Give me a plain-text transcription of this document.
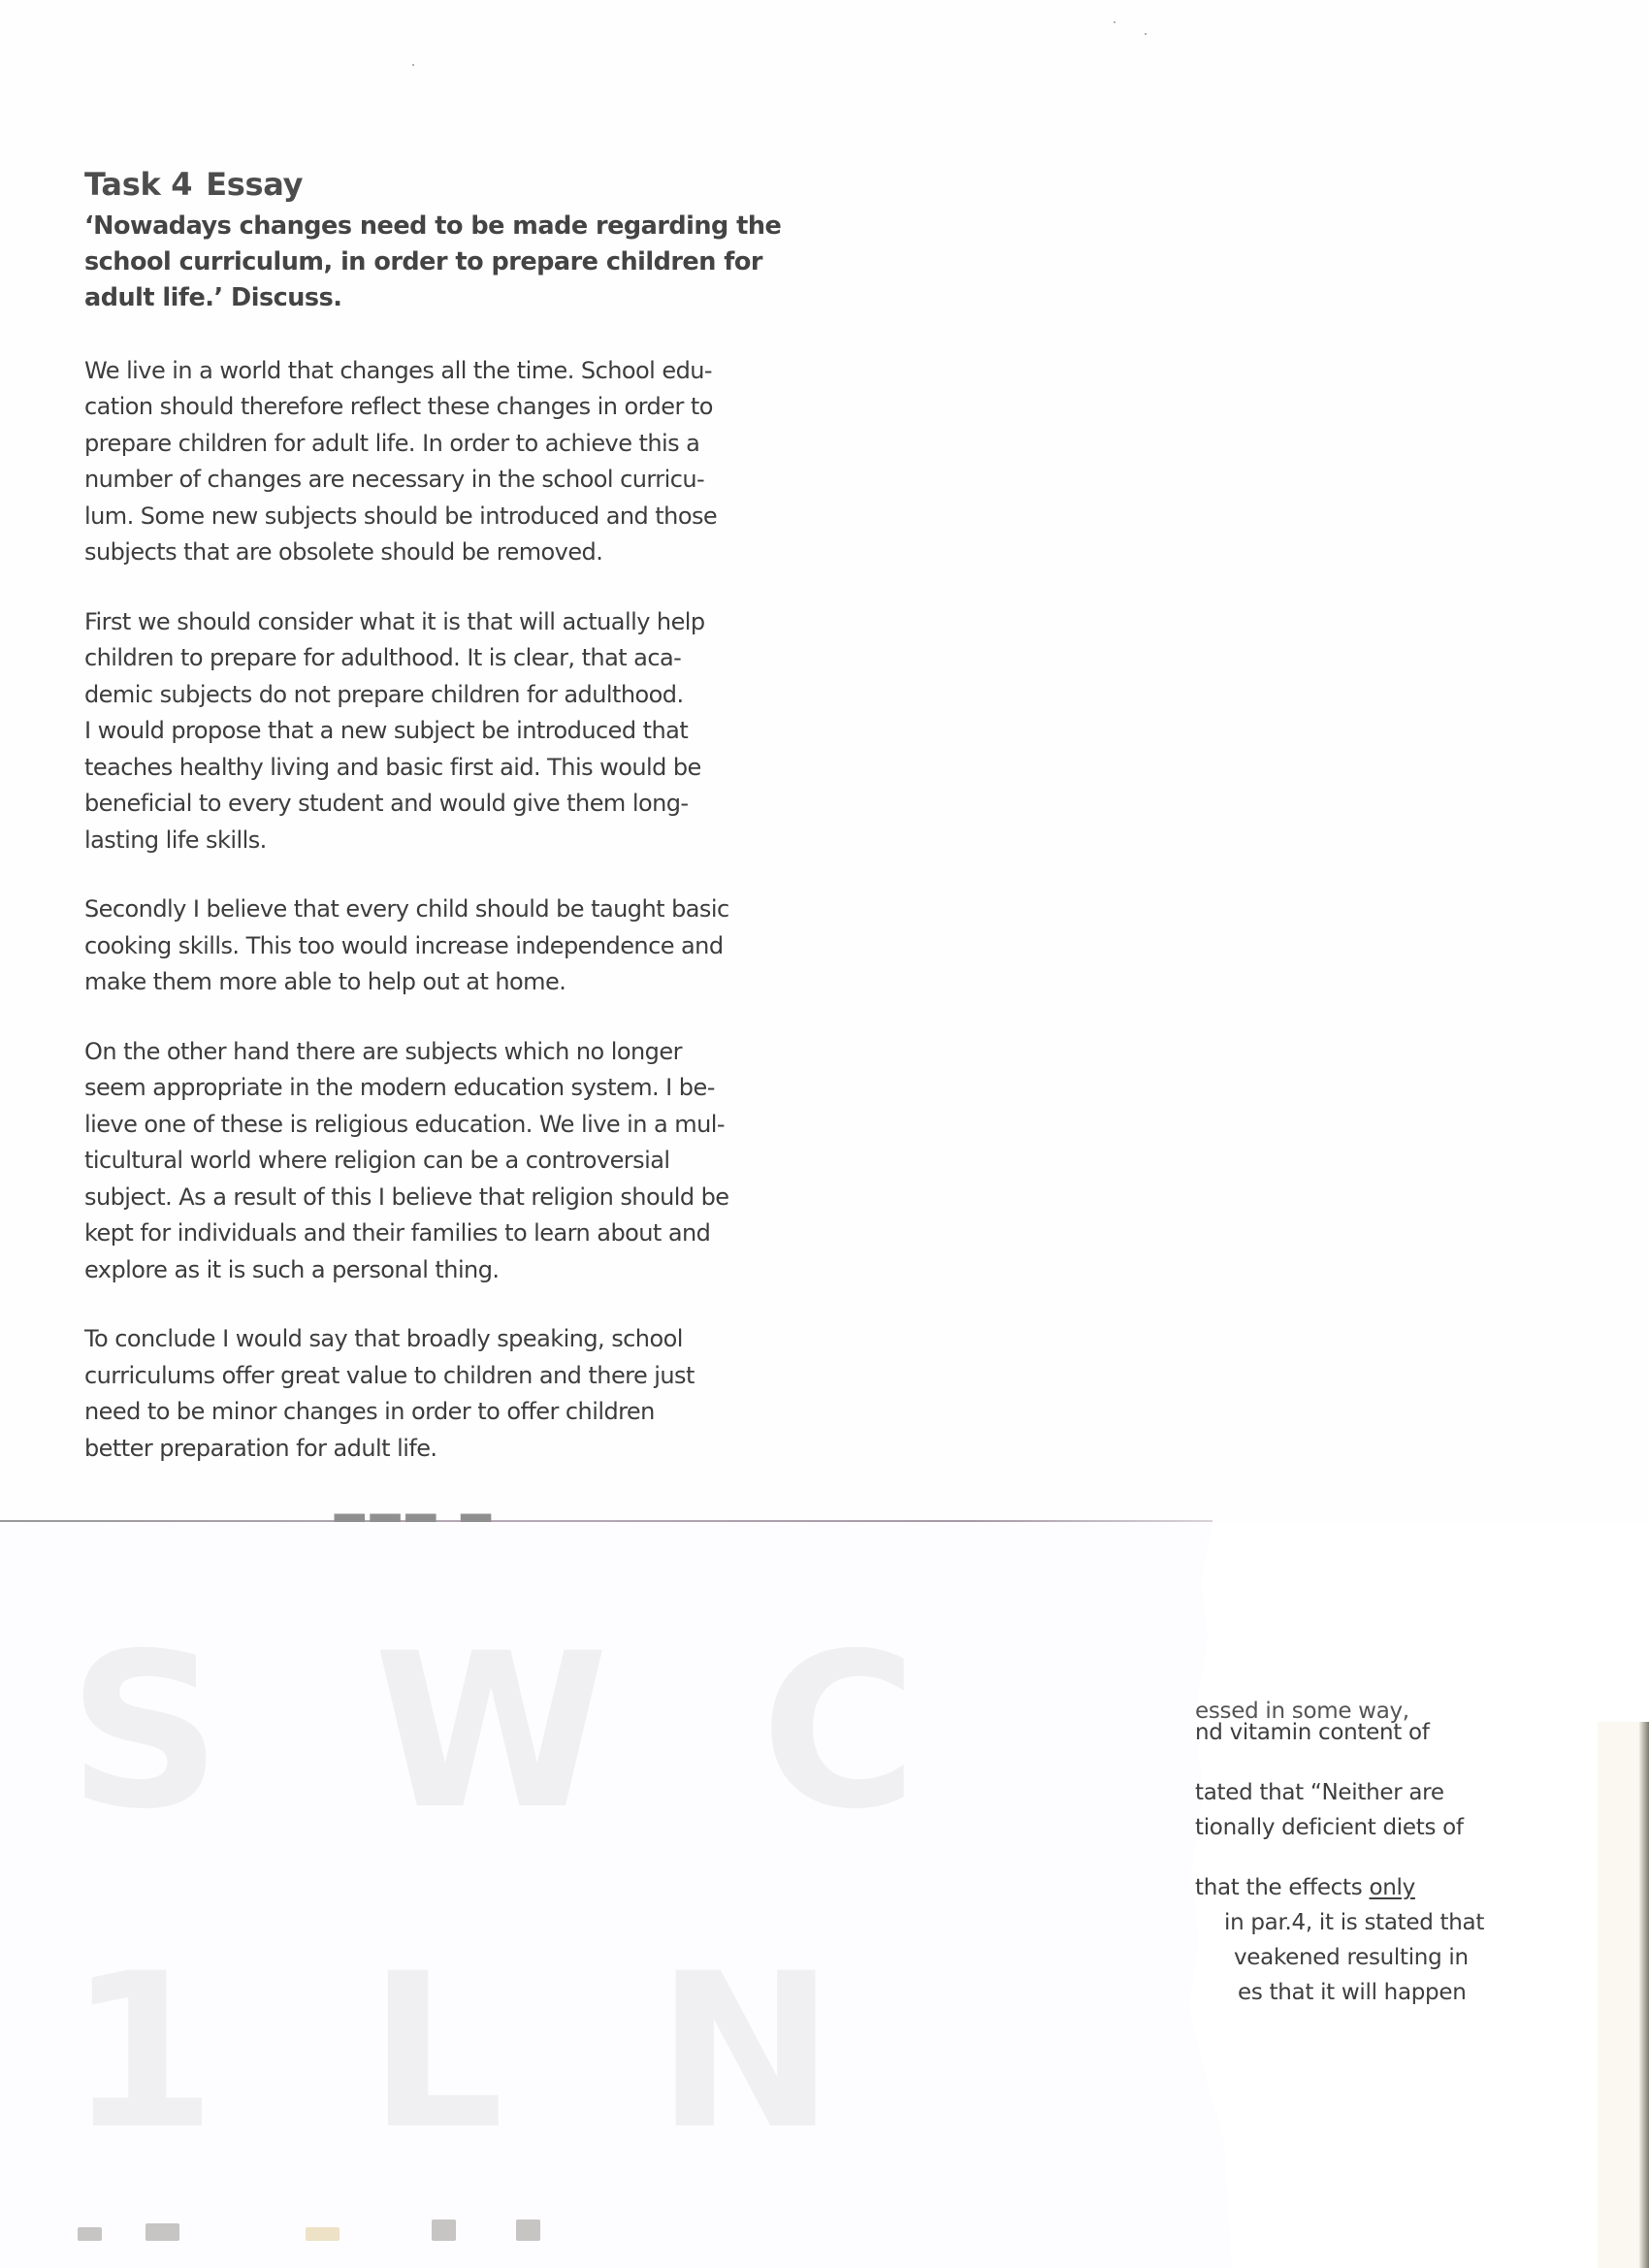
Task 4 Essay
‘Nowadays changes need to be made regarding the
school curriculum, in order to prepare children for
adult life.’ Discuss.
We live in a world that changes all the time. School edu-
cation should therefore reflect these changes in order to
prepare children for adult life. In order to achieve this a
number of changes are necessary in the school curricu-
lum. Some new subjects should be introduced and those
subjects that are obsolete should be removed.
First we should consider what it is that will actually help
children to prepare for adulthood. It is clear, that aca-
demic subjects do not prepare children for adulthood.
I would propose that a new subject be introduced that
teaches healthy living and basic first aid. This would be
beneficial to every student and would give them long-
lasting life skills.
Secondly I believe that every child should be taught basic
cooking skills. This too would increase independence and
make them more able to help out at home.
On the other hand there are subjects which no longer
seem appropriate in the modern education system. I be-
lieve one of these is religious education. We live in a mul-
ticultural world where religion can be a controversial
subject. As a result of this I believe that religion should be
kept for individuals and their families to learn about and
explore as it is such a personal thing.
To conclude I would say that broadly speaking, school
curriculums offer great value to children and there just
need to be minor changes in order to offer children
better preparation for adult life.
S W C
1 L N
essed in some way,
nd vitamin content of
tated that “Neither are
tionally deficient diets of
that the effects only
in par.4, it is stated that
veakened resulting in
es that it will happen
